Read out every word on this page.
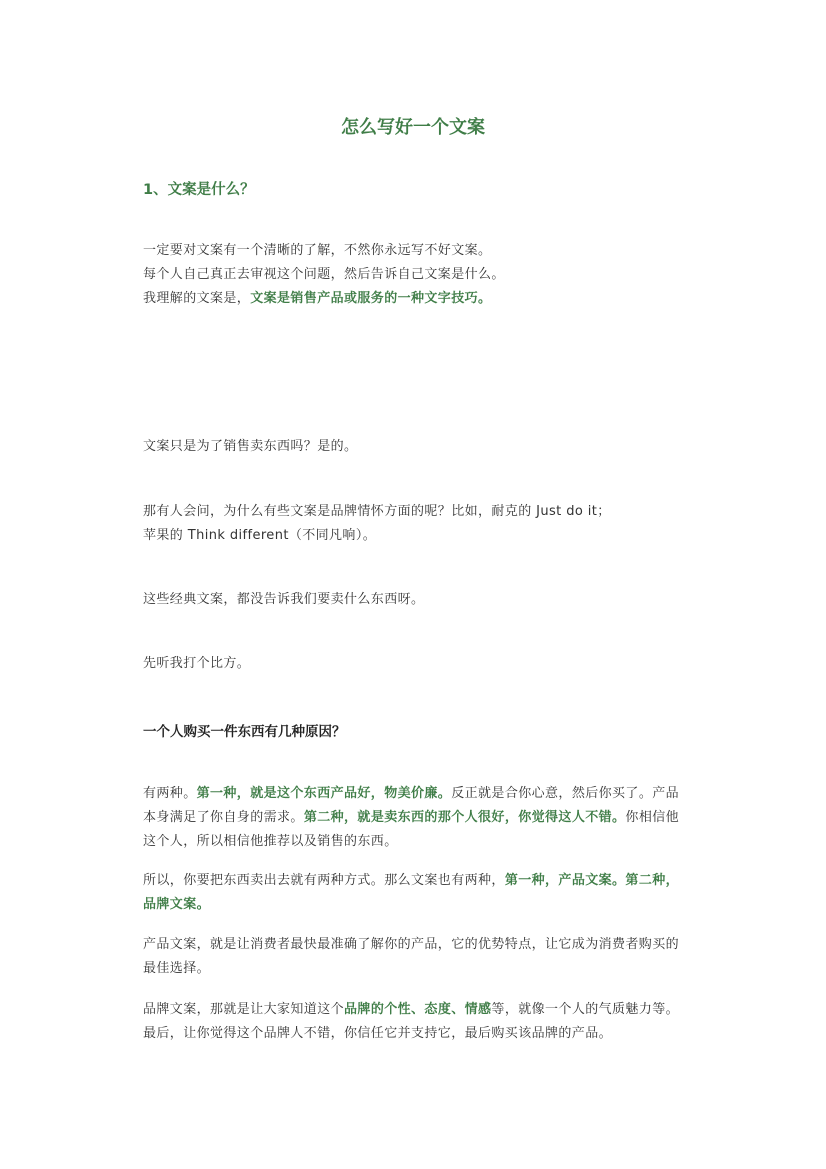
怎么写好一个文案
1、文案是什么？
一定要对文案有一个清晰的了解，不然你永远写不好文案。
每个人自己真正去审视这个问题，然后告诉自己文案是什么。
我理解的文案是，文案是销售产品或服务的一种文字技巧。

文案只是为了销售卖东西吗？是的。

那有人会问，为什么有些文案是品牌情怀方面的呢？比如，耐克的 Just do it；
苹果的 Think different（不同凡响）。

这些经典文案，都没告诉我们要卖什么东西呀。

先听我打个比方。

一个人购买一件东西有几种原因？

有两种。第一种，就是这个东西产品好，物美价廉。反正就是合你心意，然后你买了。产品本身满足了你自身的需求。第二种，就是卖东西的那个人很好，你觉得这人不错。你相信他这个人，所以相信他推荐以及销售的东西。

所以，你要把东西卖出去就有两种方式。那么文案也有两种，第一种，产品文案。第二种，品牌文案。

产品文案，就是让消费者最快最准确了解你的产品，它的优势特点，让它成为消费者购买的最佳选择。

品牌文案，那就是让大家知道这个品牌的个性、态度、情感等，就像一个人的气质魅力等。最后，让你觉得这个品牌人不错，你信任它并支持它，最后购买该品牌的产品。
